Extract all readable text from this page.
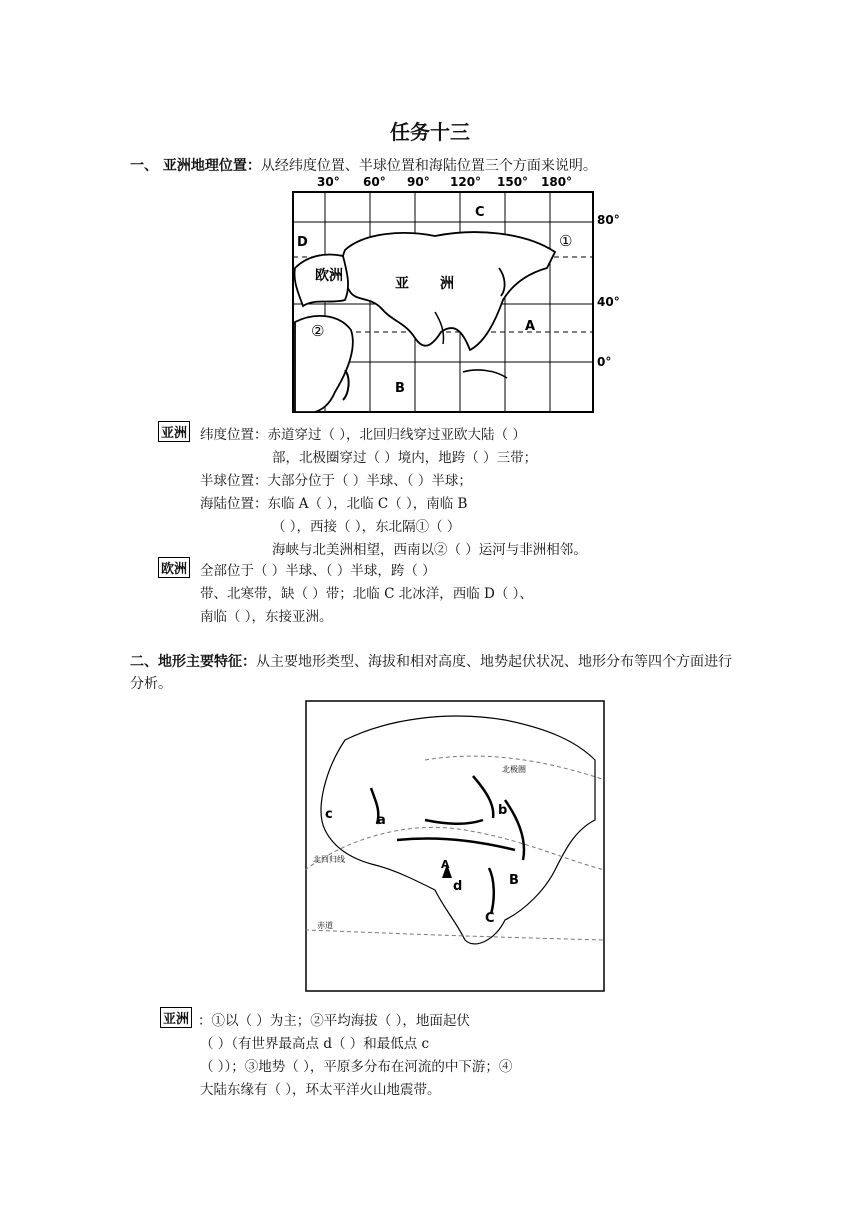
任务十三
一、 亚洲地理位置：从经纬度位置、半球位置和海陆位置三个方面来说明。
30° 60° 90° 120° 150° 180°
C
D
A
B
①
②
欧洲	亚 洲
80°
40°
0°
亚洲 纬度位置：赤道穿过（ ），北回归线穿过亚欧大陆（ ）
部，北极圈穿过（ ）境内，地跨（ ）三带；
半球位置：大部分位于（ ）半球、（ ）半球；
海陆位置：东临 A（ ），北临 C（ ），南临 B
（ ），西接（ ），东北隔①（ ）
海峡与北美洲相望，西南以②（ ）运河与非洲相邻。
欧洲 全部位于（ ）半球、（ ）半球，跨（ ）
带、北寒带，缺（ ）带；北临 C 北冰洋，西临 D（ ）、
南临（ ），东接亚洲。
二、地形主要特征：从主要地形类型、海拔和相对高度、地势起伏状况、地形分布等四个方面进行
分析。
北极圈
北回归线
赤道
a
b
c
d
A
B
C
亚洲 ：①以（ ）为主；②平均海拔（ ），地面起伏
（ ）（有世界最高点 d（ ）和最低点 c
（ ））；③地势（ ），平原多分布在河流的中下游；④
大陆东缘有（ ），环太平洋火山地震带。
